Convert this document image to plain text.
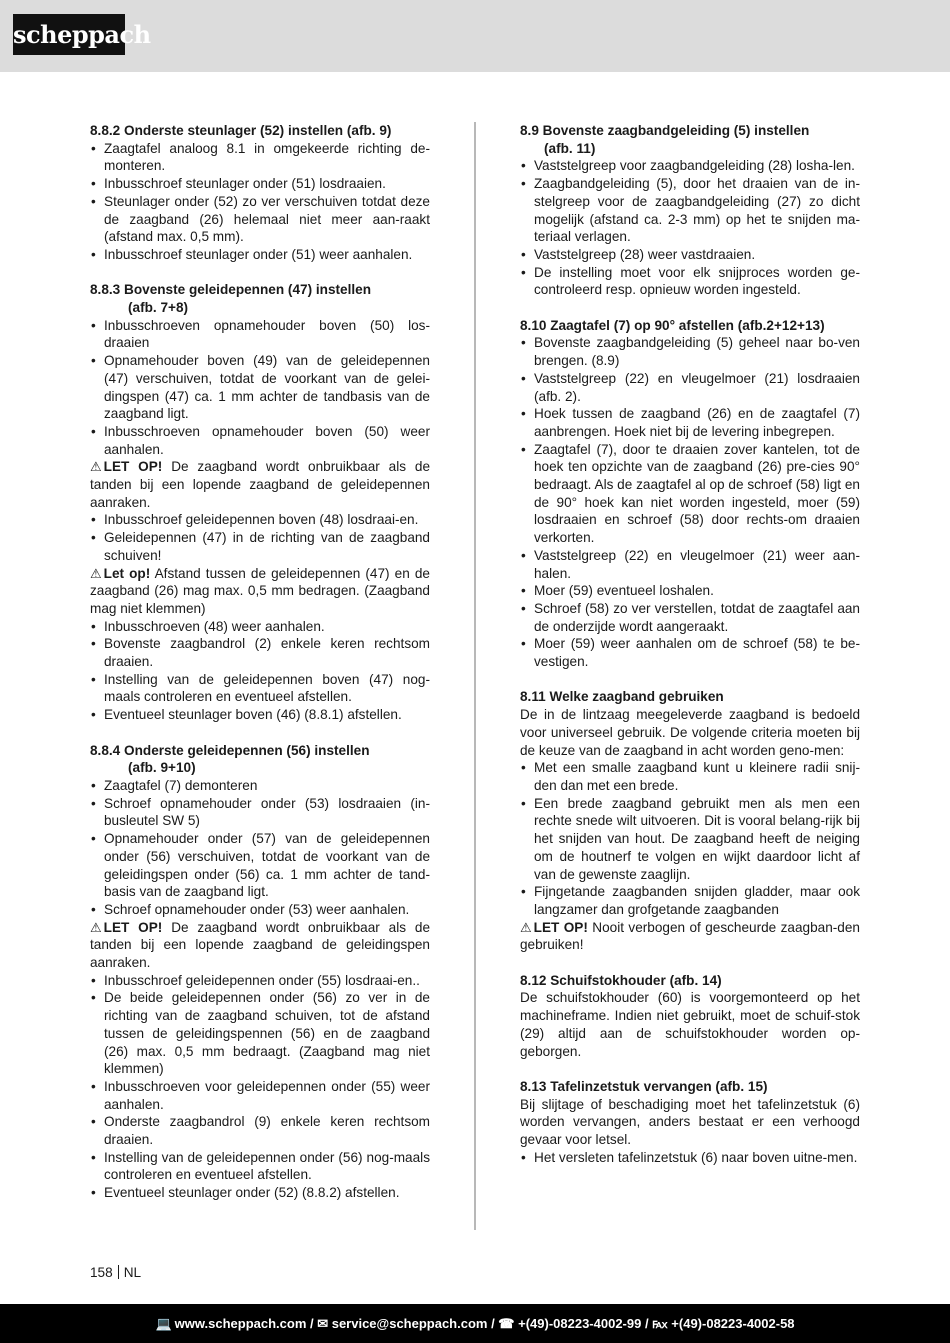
scheppach
8.8.2 Onderste steunlager (52) instellen (afb. 9)
• Zaagtafel analoog 8.1 in omgekeerde richting de-monteren.
• Inbusschroef steunlager onder (51) losdraaien.
• Steunlager onder (52) zo ver verschuiven totdat deze de zaagband (26) helemaal niet meer aan-raakt (afstand max. 0,5 mm).
• Inbusschroef steunlager onder (51) weer aanhalen.
8.8.3 Bovenste geleidepennen (47) instellen
(afb. 7+8)
• Inbusschroeven opnamehouder boven (50) los-draaien
• Opnamehouder boven (49) van de geleidepennen (47) verschuiven, totdat de voorkant van de gelei-dingspen (47) ca. 1 mm achter de tandbasis van de zaagband ligt.
• Inbusschroeven opnamehouder boven (50) weer aanhalen.
⚠ LET OP! De zaagband wordt onbruikbaar als de tanden bij een lopende zaagband de geleidepennen aanraken.
• Inbusschroef geleidepennen boven (48) losdraai-en.
• Geleidepennen (47) in de richting van de zaagband schuiven!
⚠ Let op! Afstand tussen de geleidepennen (47) en de zaagband (26) mag max. 0,5 mm bedragen. (Zaagband mag niet klemmen)
• Inbusschroeven (48) weer aanhalen.
• Bovenste zaagbandrol (2) enkele keren rechtsom draaien.
• Instelling van de geleidepennen boven (47) nog-maals controleren en eventueel afstellen.
• Eventueel steunlager boven (46) (8.8.1) afstellen.
8.8.4 Onderste geleidepennen (56) instellen
(afb. 9+10)
• Zaagtafel (7) demonteren
• Schroef opnamehouder onder (53) losdraaien (in-busleutel SW 5)
• Opnamehouder onder (57) van de geleidepennen onder (56) verschuiven, totdat de voorkant van de geleidingspen onder (56) ca. 1 mm achter de tand-basis van de zaagband ligt.
• Schroef opnamehouder onder (53) weer aanhalen.
⚠ LET OP! De zaagband wordt onbruikbaar als de tanden bij een lopende zaagband de geleidingspen aanraken.
• Inbusschroef geleidepennen onder (55) losdraai-en..
• De beide geleidepennen onder (56) zo ver in de richting van de zaagband schuiven, tot de afstand tussen de geleidingspennen (56) en de zaagband (26) max. 0,5 mm bedraagt. (Zaagband mag niet klemmen)
• Inbusschroeven voor geleidepennen onder (55) weer aanhalen.
• Onderste zaagbandrol (9) enkele keren rechtsom draaien.
• Instelling van de geleidepennen onder (56) nog-maals controleren en eventueel afstellen.
• Eventueel steunlager onder (52) (8.8.2) afstellen.
8.9 Bovenste zaagbandgeleiding (5) instellen
(afb. 11)
• Vaststelgreep voor zaagbandgeleiding (28) losha-len.
• Zaagbandgeleiding (5), door het draaien van de in-stelgreep voor de zaagbandgeleiding (27) zo dicht mogelijk (afstand ca. 2-3 mm) op het te snijden ma-teriaal verlagen.
• Vaststelgreep (28) weer vastdraaien.
• De instelling moet voor elk snijproces worden ge-controleerd resp. opnieuw worden ingesteld.
8.10 Zaagtafel (7) op 90° afstellen (afb.2+12+13)
• Bovenste zaagbandgeleiding (5) geheel naar bo-ven brengen. (8.9)
• Vaststelgreep (22) en vleugelmoer (21) losdraaien (afb. 2).
• Hoek tussen de zaagband (26) en de zaagtafel (7) aanbrengen. Hoek niet bij de levering inbegrepen.
• Zaagtafel (7), door te draaien zover kantelen, tot de hoek ten opzichte van de zaagband (26) pre-cies 90° bedraagt. Als de zaagtafel al op de schroef (58) ligt en de 90° hoek kan niet worden ingesteld, moer (59) losdraaien en schroef (58) door rechts-om draaien verkorten.
• Vaststelgreep (22) en vleugelmoer (21) weer aan-halen.
• Moer (59) eventueel loshalen.
• Schroef (58) zo ver verstellen, totdat de zaagtafel aan de onderzijde wordt aangeraakt.
• Moer (59) weer aanhalen om de schroef (58) te be-vestigen.
8.11 Welke zaagband gebruiken
De in de lintzaag meegeleverde zaagband is bedoeld voor universeel gebruik. De volgende criteria moeten bij de keuze van de zaagband in acht worden geno-men:
• Met een smalle zaagband kunt u kleinere radii snij-den dan met een brede.
• Een brede zaagband gebruikt men als men een rechte snede wilt uitvoeren. Dit is vooral belang-rijk bij het snijden van hout. De zaagband heeft de neiging om de houtnerf te volgen en wijkt daardoor licht af van de gewenste zaaglijn.
• Fijngetande zaagbanden snijden gladder, maar ook langzamer dan grofgetande zaagbanden
⚠ LET OP! Nooit verbogen of gescheurde zaagban-den gebruiken!
8.12 Schuifstokhouder (afb. 14)
De schuifstokhouder (60) is voorgemonteerd op het machineframe. Indien niet gebruikt, moet de schuif-stok (29) altijd aan de schuifstokhouder worden op-geborgen.
8.13 Tafelinzetstuk vervangen (afb. 15)
Bij slijtage of beschadiging moet het tafelinzetstuk (6) worden vervangen, anders bestaat er een verhoogd gevaar voor letsel.
• Het versleten tafelinzetstuk (6) naar boven uitne-men.
158 NL
💻 www.scheppach.com / ✉ service@scheppach.com / ☎ +(49)-08223-4002-99 / ℻ +(49)-08223-4002-58
